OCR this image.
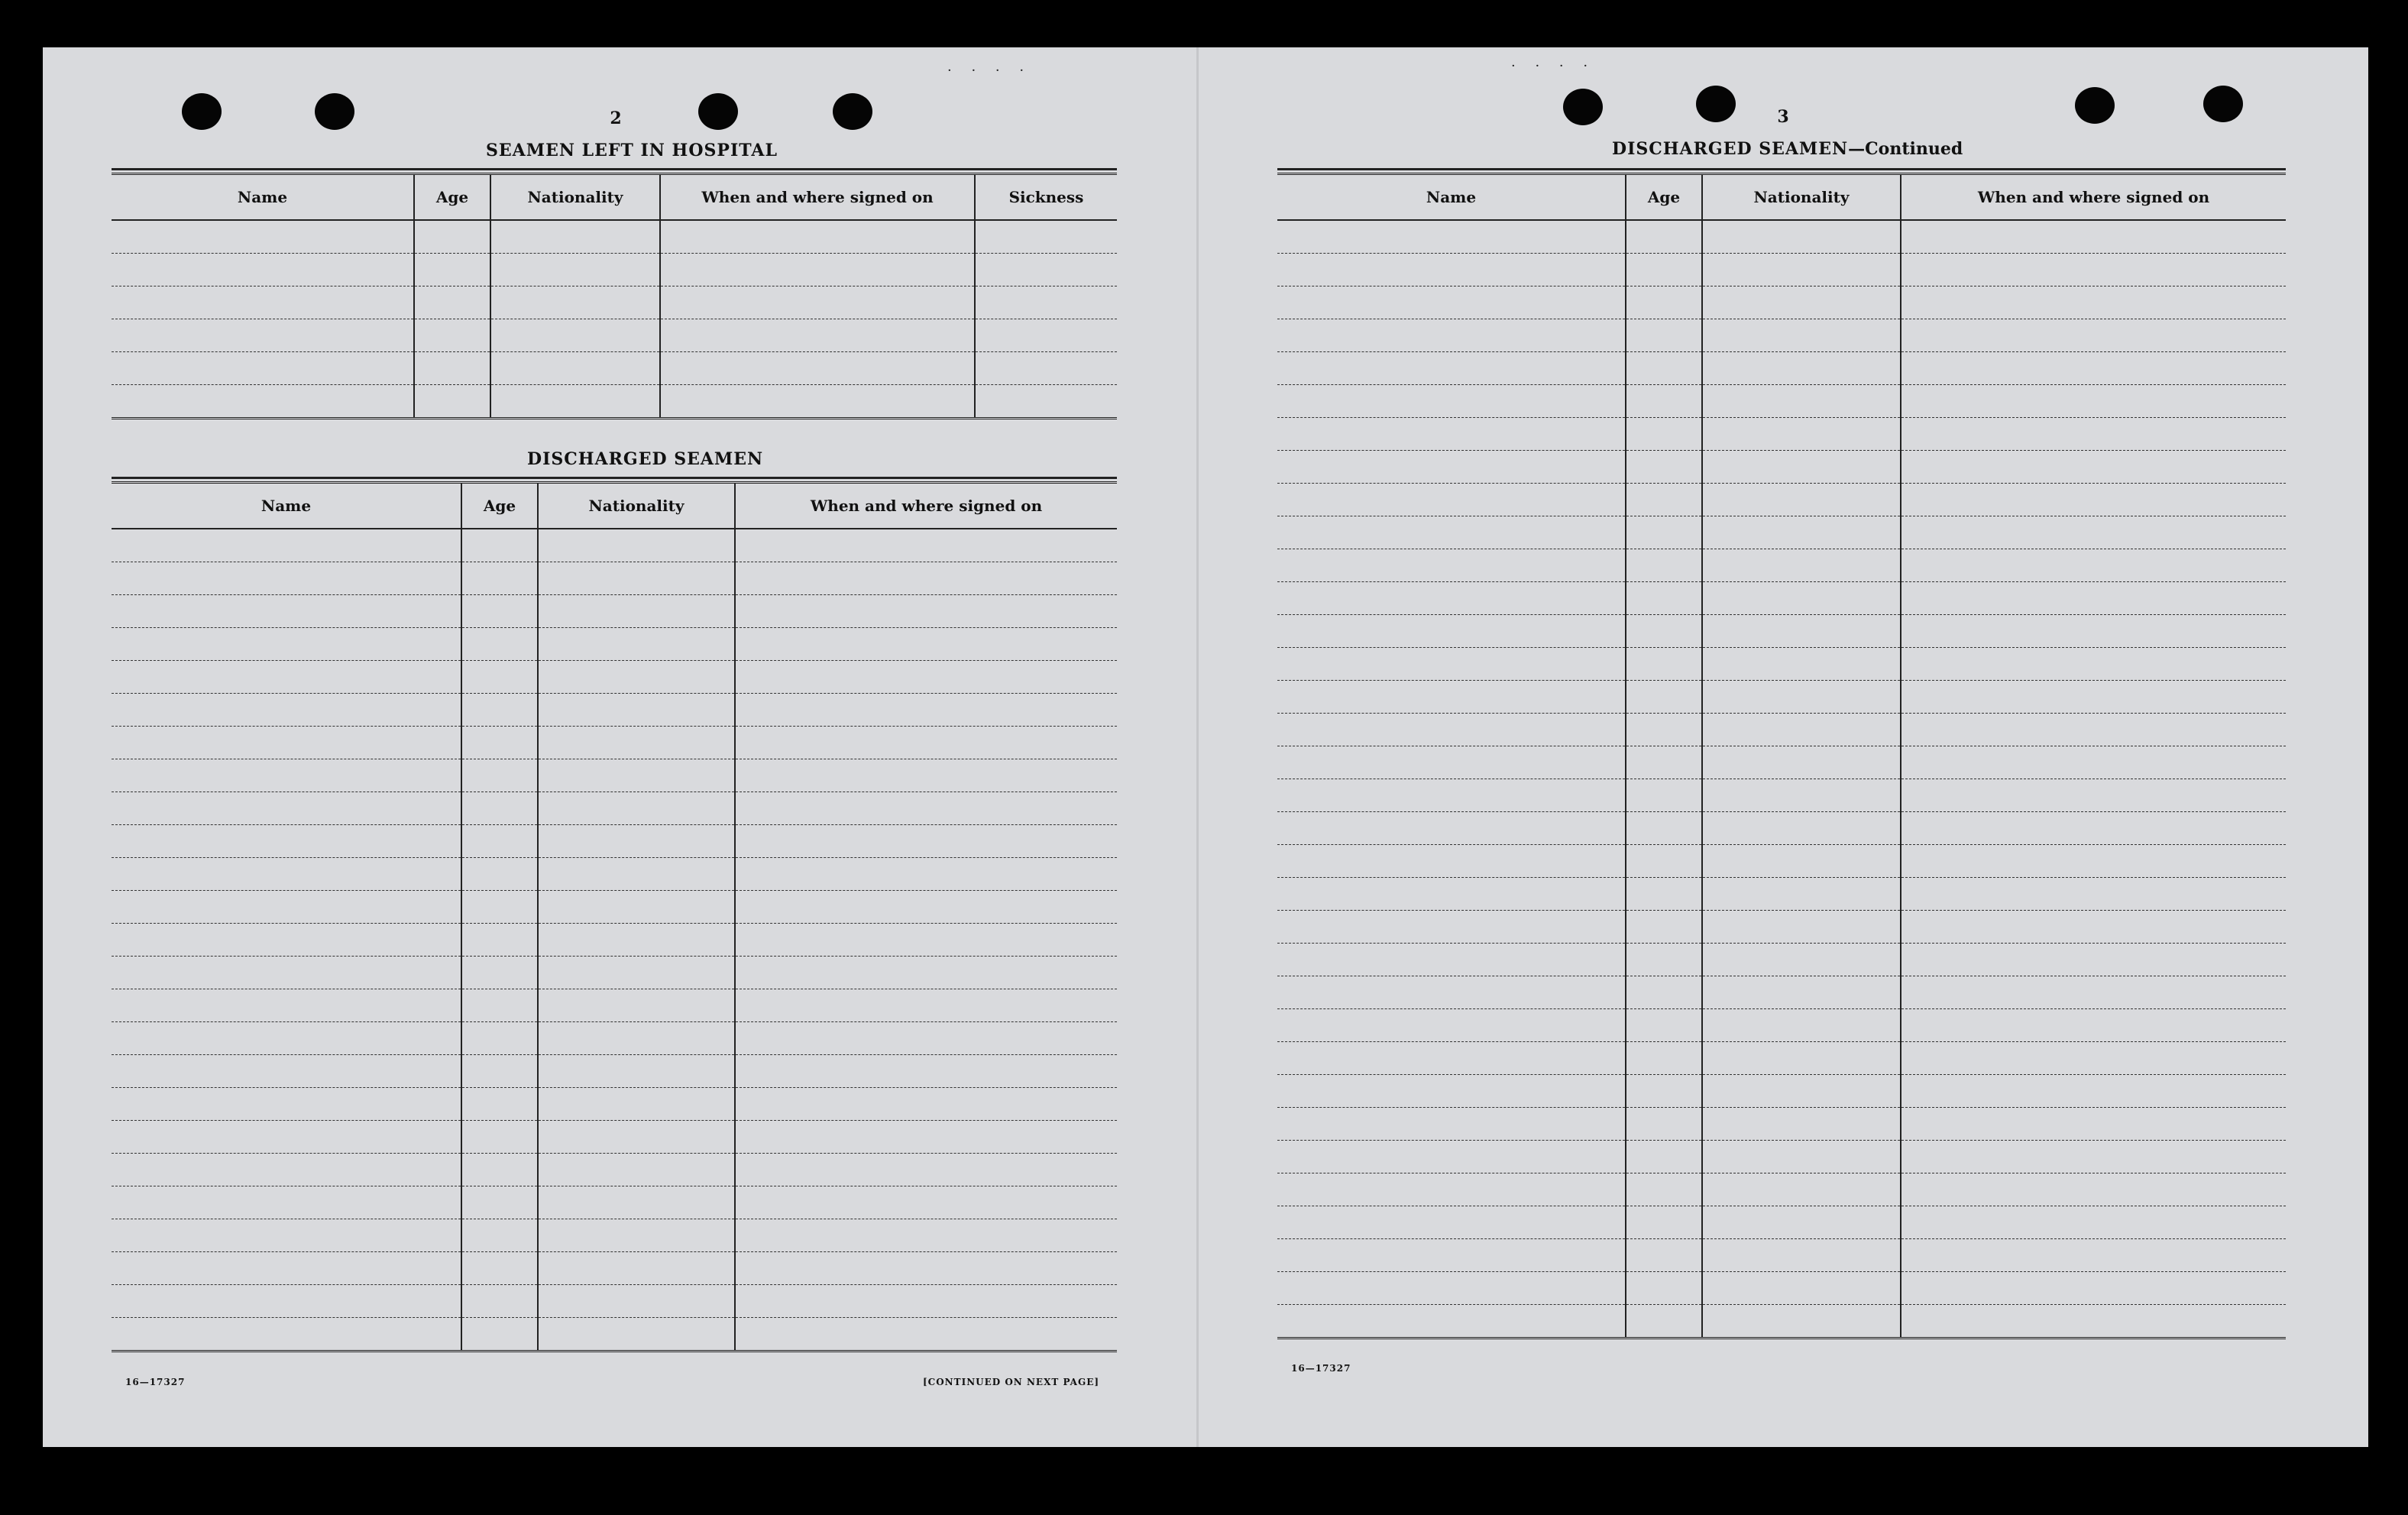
· · · ·	· · · ·
2
SEAMEN LEFT IN HOSPITAL
Name	Age	Nationality	When and where signed on	Sickness

DISCHARGED SEAMEN
Name	Age	Nationality	When and where signed on

16—17327	[CONTINUED ON NEXT PAGE]
3
DISCHARGED SEAMEN—Continued
Name	Age	Nationality	When and where signed on

16—17327
